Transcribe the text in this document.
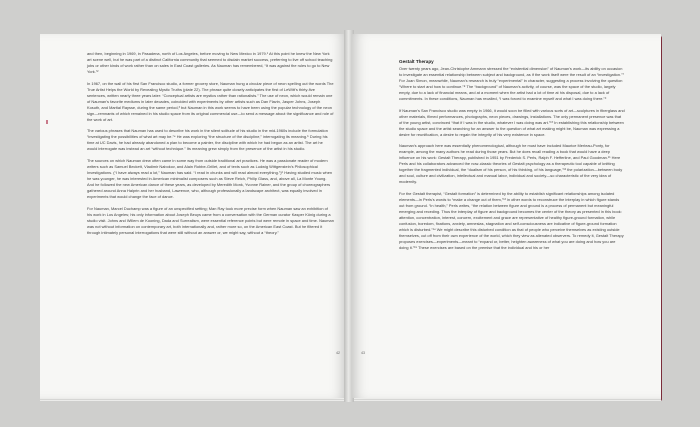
and then, beginning in 1969, in Pasadena, north of Los Angeles, before moving to New Mexico in 1979.¹ At this point he knew the New York art scene well, but he was part of a distinct California community that seemed to disdain market success, preferring to live off school teaching jobs or other kinds of work rather than on sales in East Coast galleries. As Nauman has remembered, “It was against the rules to go to New York.”²

In 1967, on the wall of his first San Francisco studio, a former grocery store, Nauman hung a circular piece of neon spelling out the words The True Artist Helps the World by Revealing Mystic Truths (plate 22). The phrase quite closely anticipates the first of LeWitt’s thirty-five sentences, written nearly three years later: “Conceptual artists are mystics rather than rationalists.” The use of neon, which would remain one of Nauman’s favorite mediums in later decades, coincided with experiments by other artists such as Dan Flavin, Jasper Johns, Joseph Kosuth, and Martial Raysse, during the same period,³ but Nauman in this work seems to have been using the popular technology of the neon sign—remnants of which remained in his studio space from its original commercial use—to send a message about the significance and role of the work of art.

The various phrases that Nauman has used to describe his work in the silent solitude of his studio in the mid-1960s include the formulation “investigating the possibilities of what art may be.”⁴ He was exploring “the structure of the discipline,” interrogating its meaning.⁵ During his time at UC Davis, he had already abandoned a plan to become a painter, the discipline with which he had begun as an artist. The art he would interrogate was instead an art “without technique.” Its meaning grew simply from the presence of the artist in his studio.

The sources on which Nauman drew often came in some way from outside traditional art practices. He was a passionate reader of modern writers such as Samuel Beckett, Vladimir Nabokov, and Alain Robbe-Grillet, and of texts such as Ludwig Wittgenstein’s Philosophical Investigations. (“I have always read a lot,” Nauman has said. “I read in chunks and will read almost everything.”)⁶ Having studied music when he was younger, he was interested in American minimalist composers such as Steve Reich, Philip Glass, and, above all, La Monte Young. And he followed the new American dance of these years, as developed by Meredith Monk, Yvonne Rainer, and the group of choreographers gathered around Anna Halprin and her husband, Lawrence, who, although professionally a landscape architect, was equally involved in experiments that would change the face of dance.

For Nauman, Marcel Duchamp was a figure of an unspecified setting; Man Ray took more precise form when Nauman saw an exhibition of his work in Los Angeles; his only information about Joseph Beuys came from a conversation with the German curator Kasper König during a studio visit. Johns and Willem de Kooning, Dada and Surrealism, were essential reference points but were remote in space and time. Nauman was not without information on contemporary art, both internationally and, rather more so, on the American East Coast. But he filtered it through intimately personal interrogations that were still without an answer or, we might say, without a “theory.”

42
Gestalt Therapy

Over twenty years ago, Jean-Christophe Ammann stressed the “existential dimension” of Nauman’s work—its ability on occasion to investigate an essential relationship between subject and background, as if the work itself were the result of an “investigation.”⁷ For Joan Simon, meanwhile, Nauman’s research is truly “experimental” in character, suggesting a process involving the question “Where to start and how to continue.”⁸ The “background” of Nauman’s activity, of course, was the space of the studio, largely empty, due to a lack of financial means, and at a moment when the artist had a lot of time at his disposal, due to a lack of commitments. In these conditions, Nauman has recalled, “I was forced to examine myself and what I was doing there.”⁹

If Nauman’s San Francisco studio was empty in 1966, it would soon be filled with various sorts of art—sculptures in fiberglass and other materials, filmed performances, photographs, neon pieces, drawings, installations. The only permanent presence was that of the young artist, convinced “that if I was in the studio, whatever I was doing was art.”¹⁰ In establishing this relationship between the studio space and the artist searching for an answer to the question of what art making might be, Nauman was expressing a desire for reunification, a desire to regain the integrity of his very existence in space.

Nauman’s approach here was essentially phenomenological, although he must have included Maurice Merleau-Ponty, for example, among the many authors he read during those years. But he does recall reading a book that would have a deep influence on his work: Gestalt Therapy, published in 1951 by Frederick S. Perls, Ralph F. Hefferline, and Paul Goodman.¹¹ Here Perls and his collaborators advanced the now-classic theories of Gestalt psychology as a therapeutic tool capable of knitting together the fragmented individual, the “dualism of his person, of his thinking, of his language,”¹² the polarization—between body and soul, culture and civilization, intellectual and manual labor, individual and society—so characteristic of the very idea of modernity.

For the Gestalt therapist, “Gestalt formation” is determined by the ability to establish significant relationships among isolated elements—in Perls’s words to “make a change out of them,”¹³ in other words to reconstruce the interplay in which figure stands out from ground. “In health,” Perls writes, “the relation between figure and ground is a process of permanent but meaningful emerging and receding. Thus the interplay of figure and background becomes the center of the theory as presented in this book: attention, concentration, interest, concern, excitement and grace are representative of healthy figure-ground formation, while confusion, boredom, fixations, anxiety, amnesias, stagnation and self-consciousness are indicative of figure-ground formation which is disturbed.”¹⁴ We might describe this disturbed condition as that of people who perceive themselves as existing outside themselves, cut off from their own experience of the world, which they view as alienated observers. To remedy it, Gestalt Therapy proposes exercises—experiments—meant to “expand or, better, heighten awareness of what you are doing and how you are doing it.”¹⁵ These exercises are based on the premise that the individual and his or her

43
